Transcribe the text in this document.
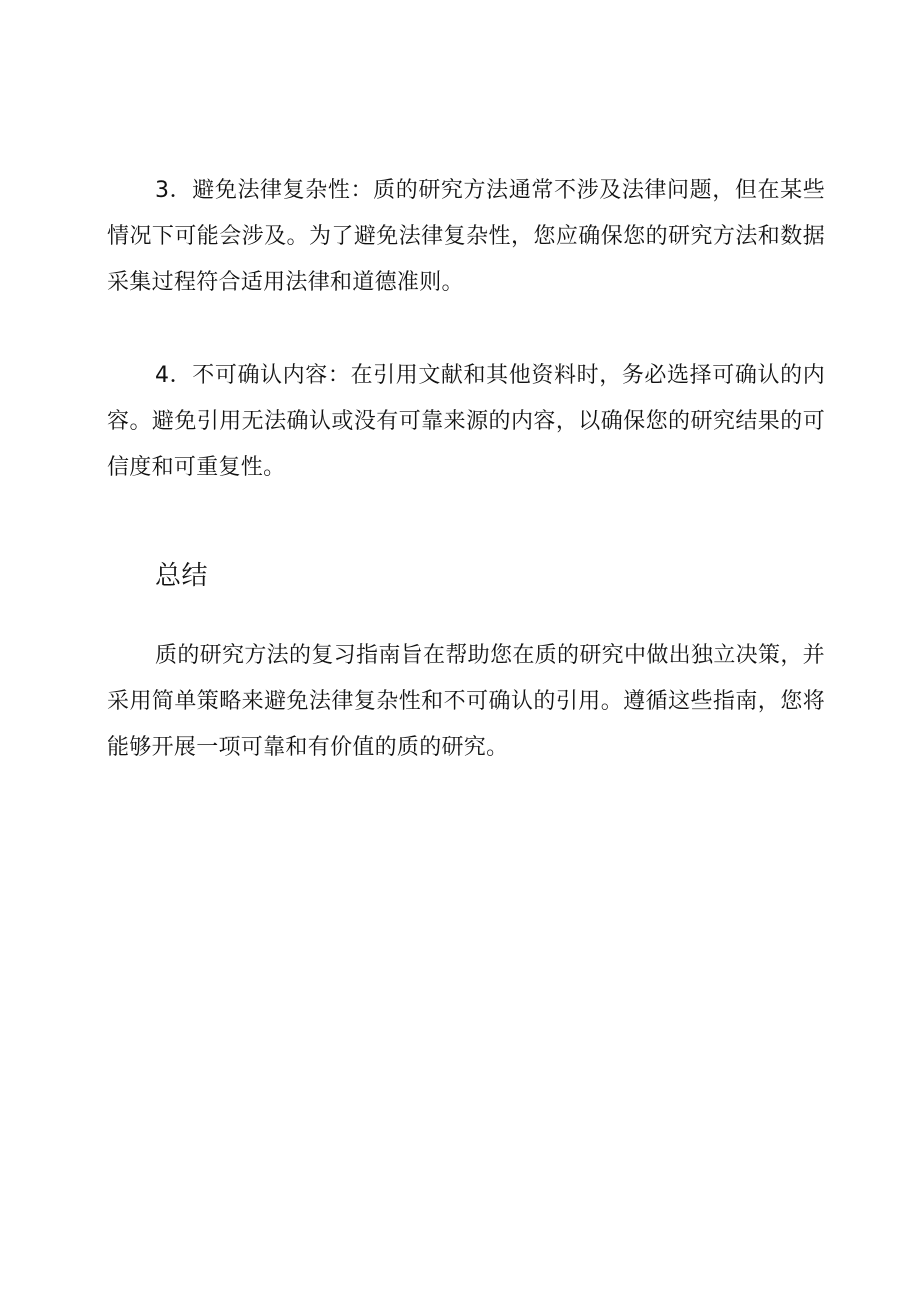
3．避免法律复杂性：质的研究方法通常不涉及法律问题，但在某些情况下可能会涉及。为了避免法律复杂性，您应确保您的研究方法和数据采集过程符合适用法律和道德准则。

4．不可确认内容：在引用文献和其他资料时，务必选择可确认的内容。避免引用无法确认或没有可靠来源的内容，以确保您的研究结果的可信度和可重复性。

总结

质的研究方法的复习指南旨在帮助您在质的研究中做出独立决策，并采用简单策略来避免法律复杂性和不可确认的引用。遵循这些指南，您将能够开展一项可靠和有价值的质的研究。
